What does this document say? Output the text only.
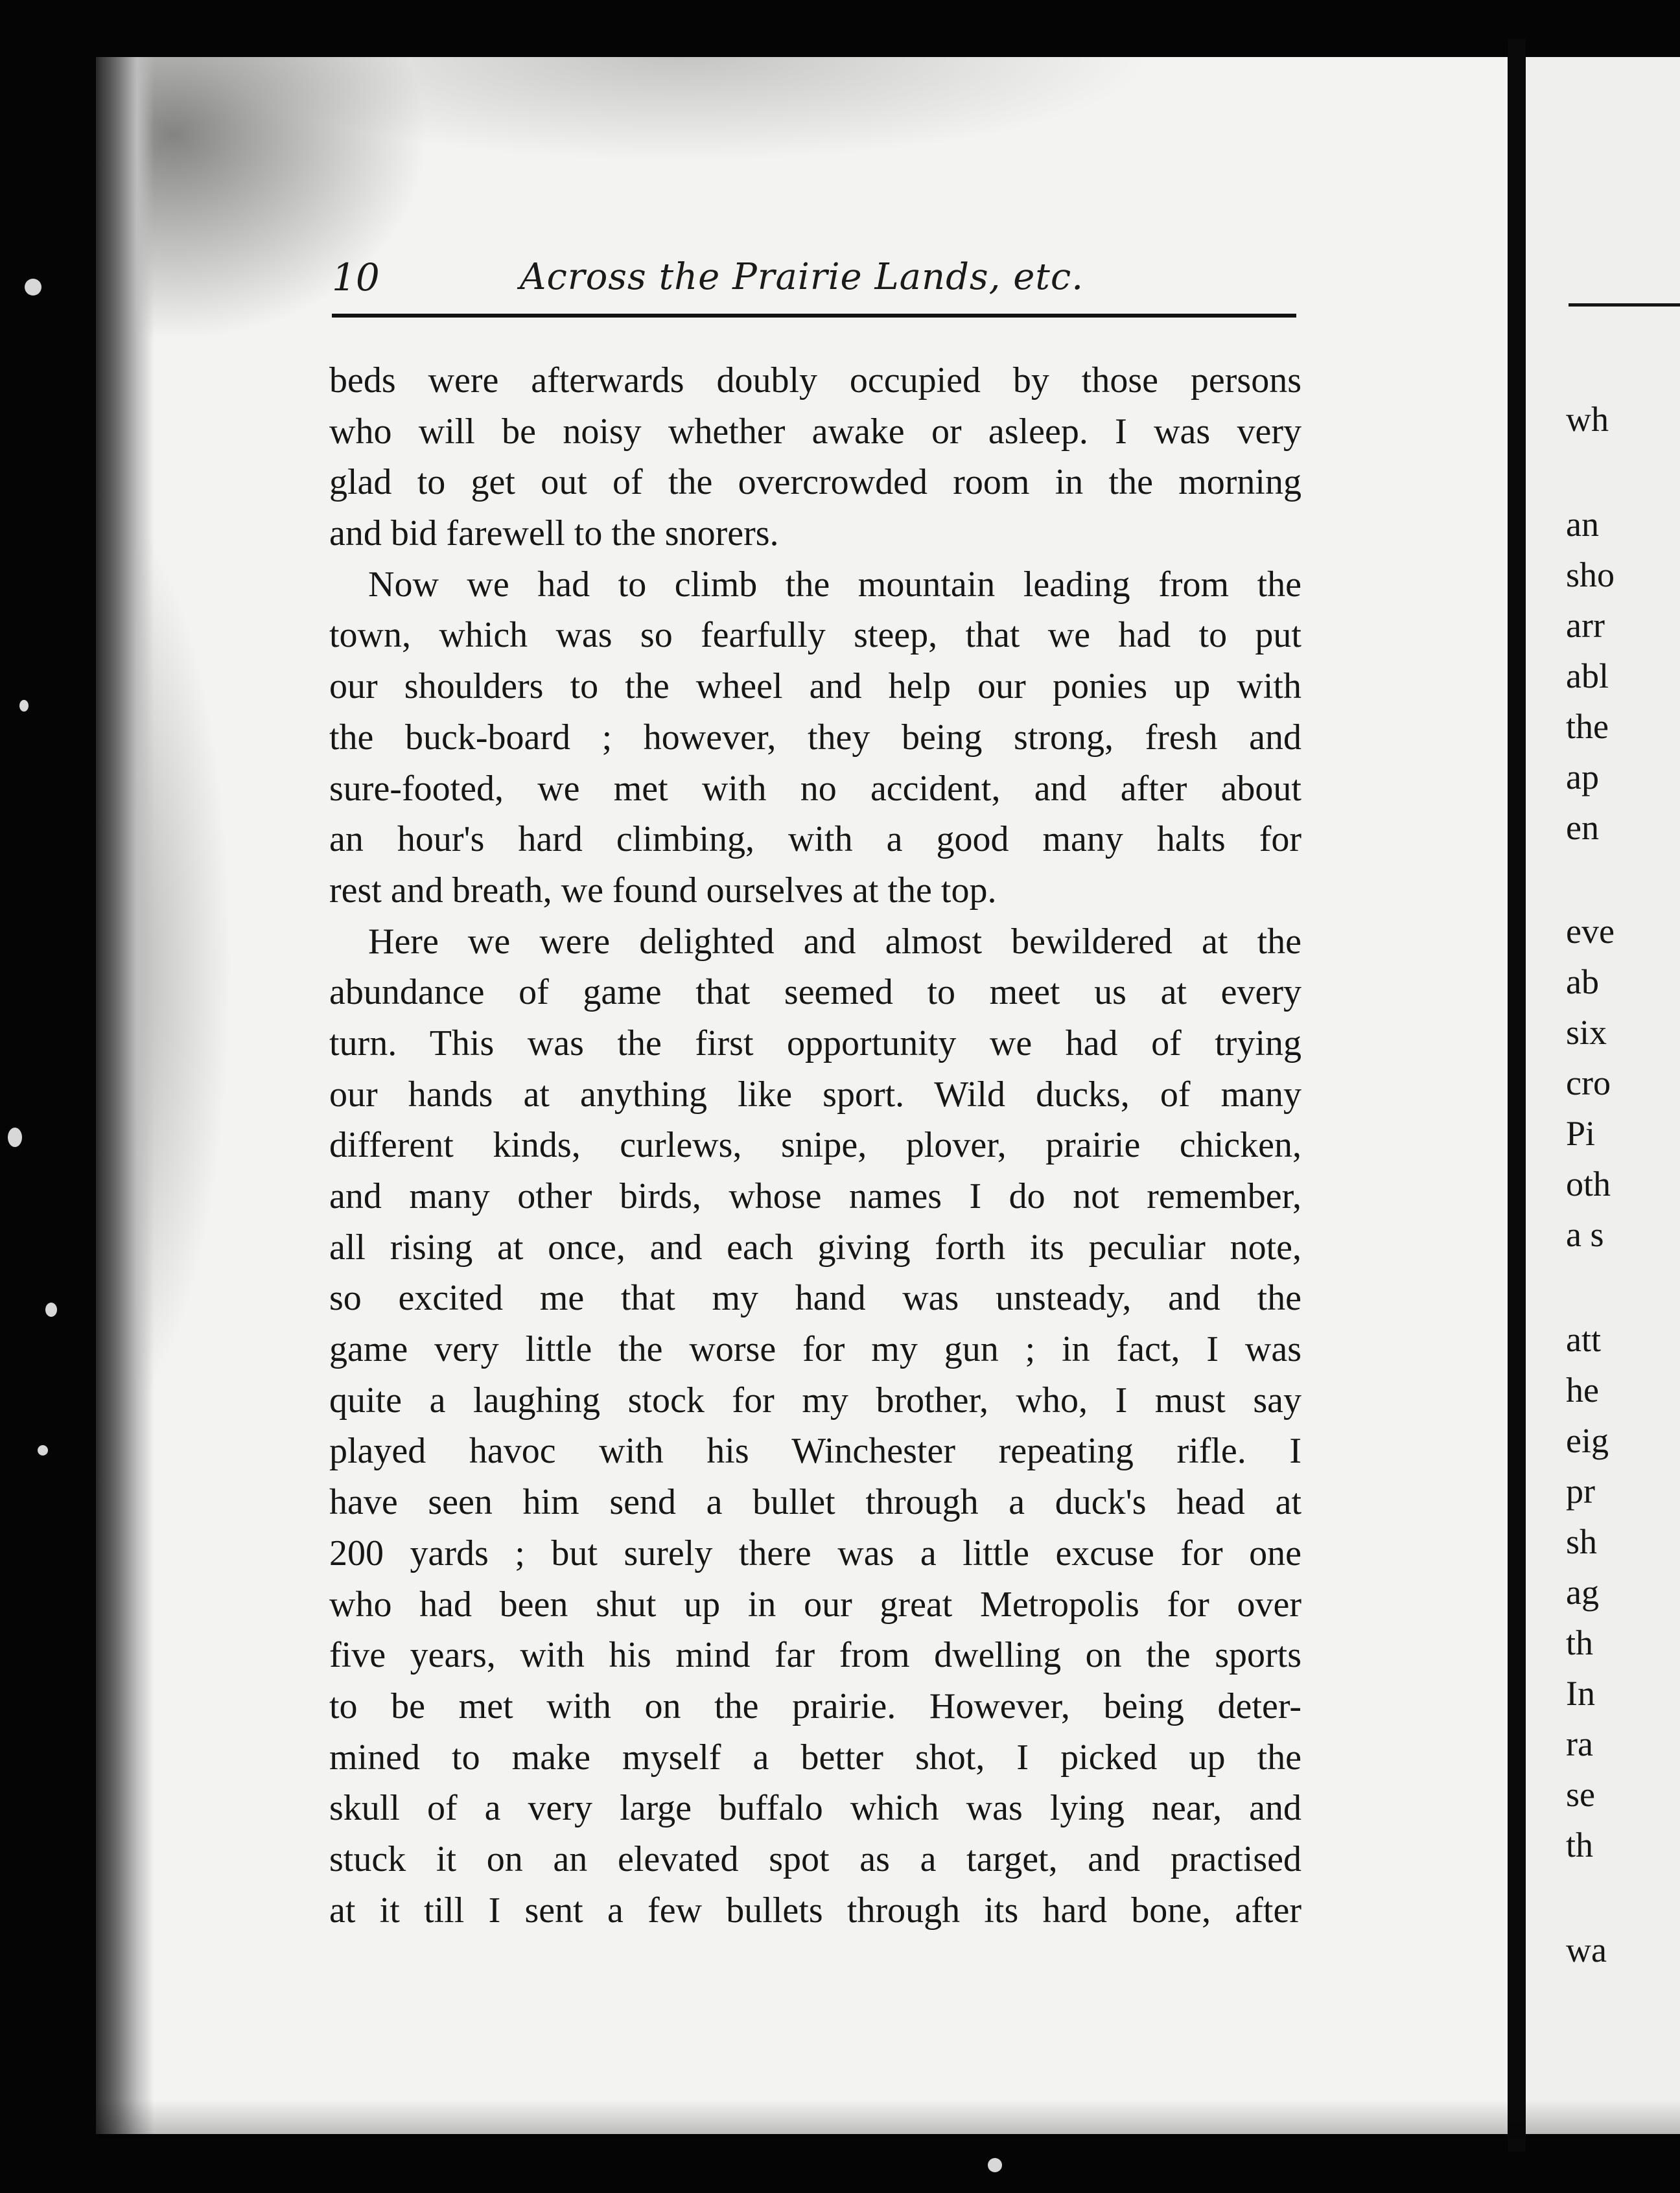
10	Across the Prairie Lands, etc.
beds were afterwards doubly occupied by those persons
who will be noisy whether awake or asleep. I was very
glad to get out of the overcrowded room in the morning
and bid farewell to the snorers.
Now we had to climb the mountain leading from the
town, which was so fearfully steep, that we had to put
our shoulders to the wheel and help our ponies up with
the buck-board ; however, they being strong, fresh and
sure-footed, we met with no accident, and after about
an hour's hard climbing, with a good many halts for
rest and breath, we found ourselves at the top.
Here we were delighted and almost bewildered at the
abundance of game that seemed to meet us at every
turn. This was the first opportunity we had of trying
our hands at anything like sport. Wild ducks, of many
different kinds, curlews, snipe, plover, prairie chicken,
and many other birds, whose names I do not remember,
all rising at once, and each giving forth its peculiar note,
so excited me that my hand was unsteady, and the
game very little the worse for my gun ; in fact, I was
quite a laughing stock for my brother, who, I must say
played havoc with his Winchester repeating rifle. I
have seen him send a bullet through a duck's head at
200 yards ; but surely there was a little excuse for one
who had been shut up in our great Metropolis for over
five years, with his mind far from dwelling on the sports
to be met with on the prairie. However, being deter-
mined to make myself a better shot, I picked up the
skull of a very large buffalo which was lying near, and
stuck it on an elevated spot as a target, and practised
at it till I sent a few bullets through its hard bone, after
wh
an
sho
arr
abl
the
ap
en
eve
ab
six
cro
Pi
oth
a s
att
he
eig
pr
sh
ag
th
In
ra
se
th
wa
